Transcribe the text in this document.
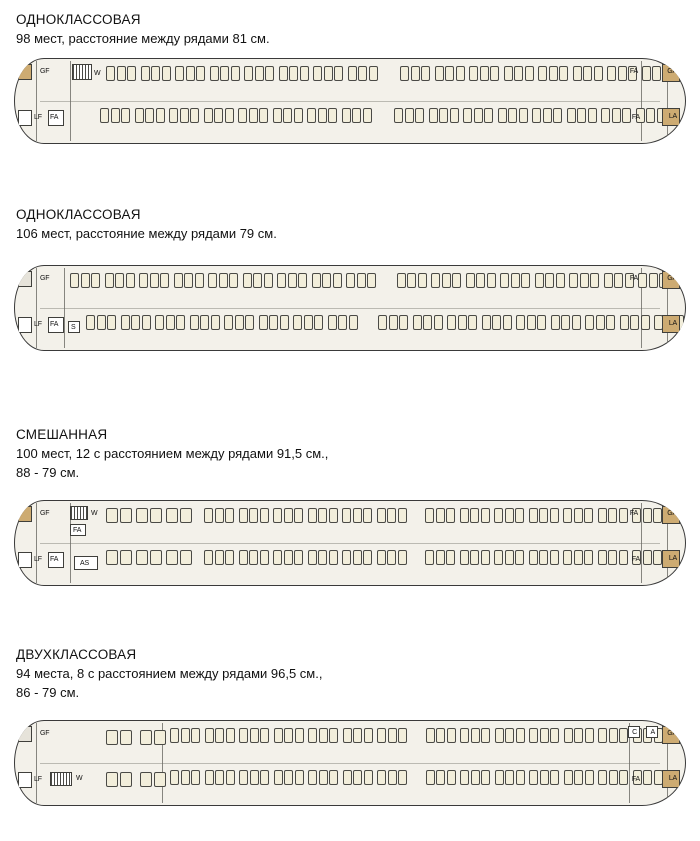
ОДНОКЛАССОВАЯ
98 мест, расстояние между рядами 81 см.
GF	W
LF FA
FA	GA
FA	LA
ОДНОКЛАССОВАЯ
106 мест, расстояние между рядами 79 см.
GF
LF FA S
FA	GA
LA
СМЕШАННАЯ
100 мест, 12 с расстоянием между рядами 91,5 см.,
88 - 79 см.
GF	W
FA
LF FA
AS
FA	GA
FA	LA
ДВУХКЛАССОВАЯ
94 места, 8 с расстоянием между рядами 96,5 см.,
86 - 79 см.
GF
LF	W
C A GA
FA	LA
